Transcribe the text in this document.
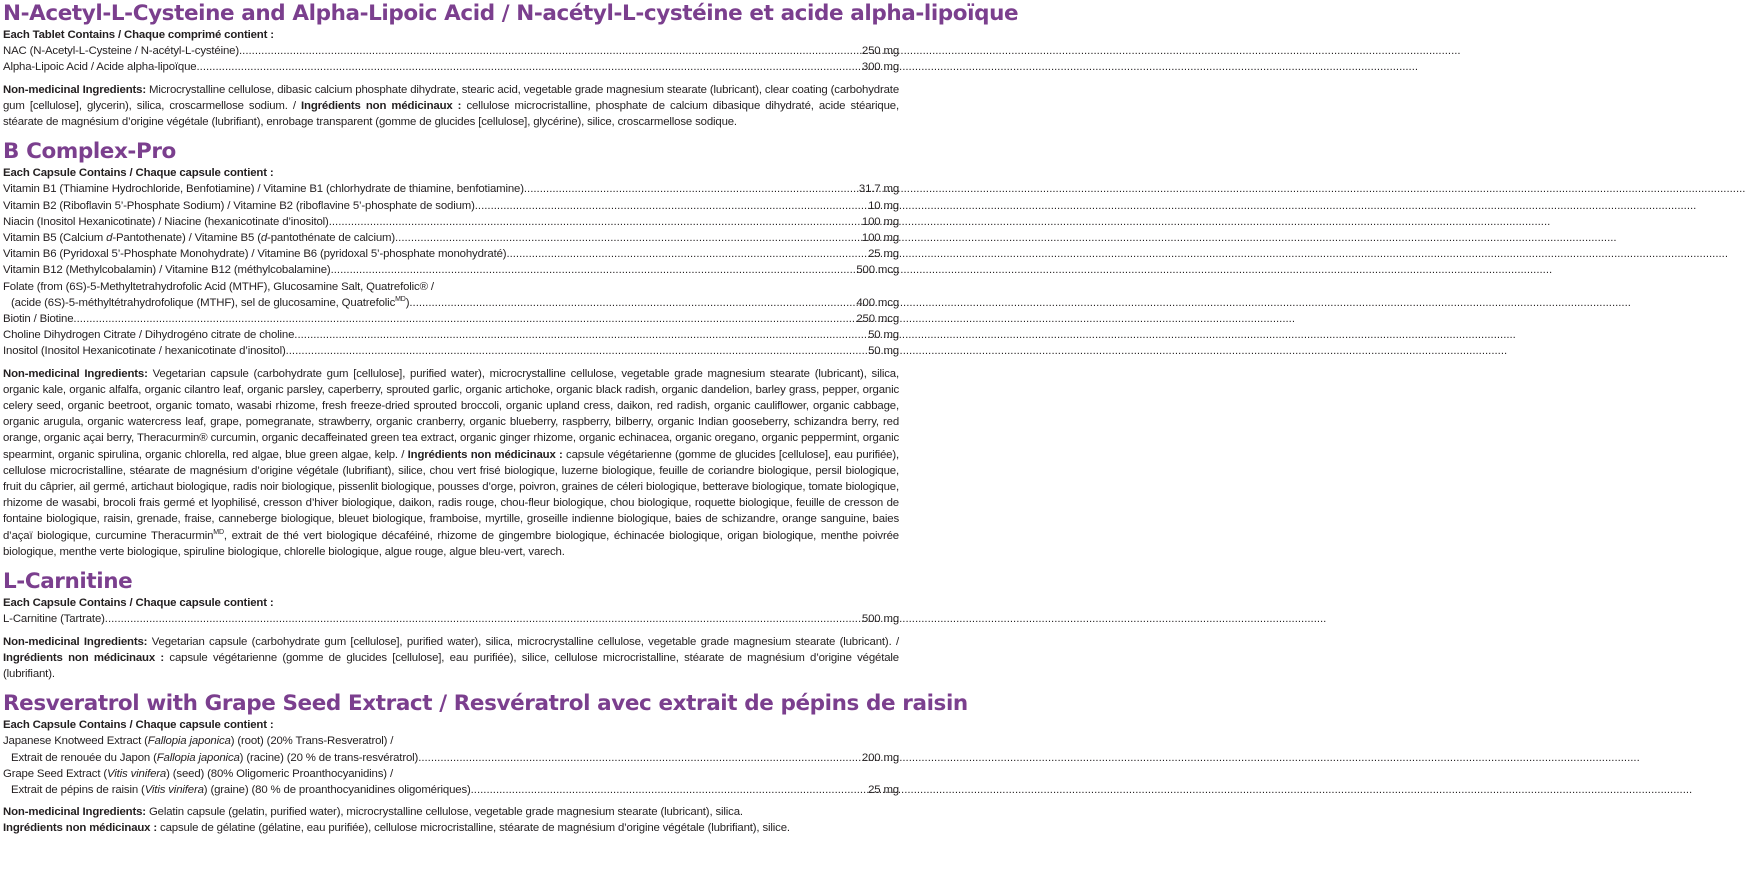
N-Acetyl-L-Cysteine and Alpha-Lipoic Acid / N-acétyl-L-cystéine et acide alpha-lipoïque
Each Tablet Contains / Chaque comprimé contient :
NAC (N-Acetyl-L-Cysteine / N-acétyl-L-cystéine) .....	250 mg
Alpha-Lipoic Acid / Acide alpha-lipoïque .....	300 mg
Non-medicinal Ingredients: Microcrystalline cellulose, dibasic calcium phosphate dihydrate, stearic acid, vegetable grade magnesium stearate (lubricant), clear coating (carbohydrate gum [cellulose], glycerin), silica, croscarmellose sodium. / Ingrédients non médicinaux : cellulose microcristalline, phosphate de calcium dibasique dihydraté, acide stéarique, stéarate de magnésium d’origine végétale (lubrifiant), enrobage transparent (gomme de glucides [cellulose], glycérine), silice, croscarmellose sodique.
B Complex-Pro
Each Capsule Contains / Chaque capsule contient :
Vitamin B1 (Thiamine Hydrochloride, Benfotiamine) / Vitamine B1 (chlorhydrate de thiamine, benfotiamine) .....	31.7 mg
Vitamin B2 (Riboflavin 5’-Phosphate Sodium) / Vitamine B2 (riboflavine 5’-phosphate de sodium) .....	10 mg
Niacin (Inositol Hexanicotinate) / Niacine (hexanicotinate d’inositol) .....	100 mg
Vitamin B5 (Calcium d-Pantothenate) / Vitamine B5 (d-pantothénate de calcium) .....	100 mg
Vitamin B6 (Pyridoxal 5’-Phosphate Monohydrate) / Vitamine B6 (pyridoxal 5’-phosphate monohydraté) .....	25 mg
Vitamin B12 (Methylcobalamin) / Vitamine B12 (méthylcobalamine) .....	500 mcg
Folate (from (6S)-5-Methyltetrahydrofolic Acid (MTHF), Glucosamine Salt, Quatrefolic® /
(acide (6S)-5-méthyltétrahydrofolique (MTHF), sel de glucosamine, Quatrefolic$^{MD}$) .....	400 mcg
Biotin / Biotine .....	250 mcg
Choline Dihydrogen Citrate / Dihydrogéno citrate de choline .....	50 mg
Inositol (Inositol Hexanicotinate / hexanicotinate d’inositol) .....	50 mg
Non-medicinal Ingredients: Vegetarian capsule (carbohydrate gum [cellulose], purified water), microcrystalline cellulose, vegetable grade magnesium stearate (lubricant), silica, organic kale, organic alfalfa, organic cilantro leaf, organic parsley, caperberry, sprouted garlic, organic artichoke, organic black radish, organic dandelion, barley grass, pepper, organic celery seed, organic beetroot, organic tomato, wasabi rhizome, fresh freeze-dried sprouted broccoli, organic upland cress, daikon, red radish, organic cauliflower, organic cabbage, organic arugula, organic watercress leaf, grape, pomegranate, strawberry, organic cranberry, organic blueberry, raspberry, bilberry, organic Indian gooseberry, schizandra berry, red orange, organic açai berry, Theracurmin® curcumin, organic decaffeinated green tea extract, organic ginger rhizome, organic echinacea, organic oregano, organic peppermint, organic spearmint, organic spirulina, organic chlorella, red algae, blue green algae, kelp. / Ingrédients non médicinaux : capsule végétarienne (gomme de glucides [cellulose], eau purifiée), cellulose microcristalline, stéarate de magnésium d’origine végétale (lubrifiant), silice, chou vert frisé biologique, luzerne biologique, feuille de coriandre biologique, persil biologique, fruit du câprier, ail germé, artichaut biologique, radis noir biologique, pissenlit biologique, pousses d’orge, poivron, graines de céleri biologique, betterave biologique, tomate biologique, rhizome de wasabi, brocoli frais germé et lyophilisé, cresson d’hiver biologique, daikon, radis rouge, chou-fleur biologique, chou biologique, roquette biologique, feuille de cresson de fontaine biologique, raisin, grenade, fraise, canneberge biologique, bleuet biologique, framboise, myrtille, groseille indienne biologique, baies de schizandre, orange sanguine, baies d’açaï biologique, curcumine Theracurmin$^{MD}$, extrait de thé vert biologique décaféiné, rhizome de gingembre biologique, échinacée biologique, origan biologique, menthe poivrée biologique, menthe verte biologique, spiruline biologique, chlorelle biologique, algue rouge, algue bleu-vert, varech.
L-Carnitine
Each Capsule Contains / Chaque capsule contient :
L-Carnitine (Tartrate) .....	500 mg
Non-medicinal Ingredients: Vegetarian capsule (carbohydrate gum [cellulose], purified water), silica, microcrystalline cellulose, vegetable grade magnesium stearate (lubricant). / Ingrédients non médicinaux : capsule végétarienne (gomme de glucides [cellulose], eau purifiée), silice, cellulose microcristalline, stéarate de magnésium d’origine végétale (lubrifiant).
Resveratrol with Grape Seed Extract / Resvératrol avec extrait de pépins de raisin
Each Capsule Contains / Chaque capsule contient :
Japanese Knotweed Extract (Fallopia japonica) (root) (20% Trans-Resveratrol) /
Extrait de renouée du Japon (Fallopia japonica) (racine) (20 % de trans-resvératrol) .....	200 mg
Grape Seed Extract (Vitis vinifera) (seed) (80% Oligomeric Proanthocyanidins) /
Extrait de pépins de raisin (Vitis vinifera) (graine) (80 % de proanthocyanidines oligomériques) .....	25 mg
Non-medicinal Ingredients: Gelatin capsule (gelatin, purified water), microcrystalline cellulose, vegetable grade magnesium stearate (lubricant), silica.
Ingrédients non médicinaux : capsule de gélatine (gélatine, eau purifiée), cellulose microcristalline, stéarate de magnésium d’origine végétale (lubrifiant), silice.
